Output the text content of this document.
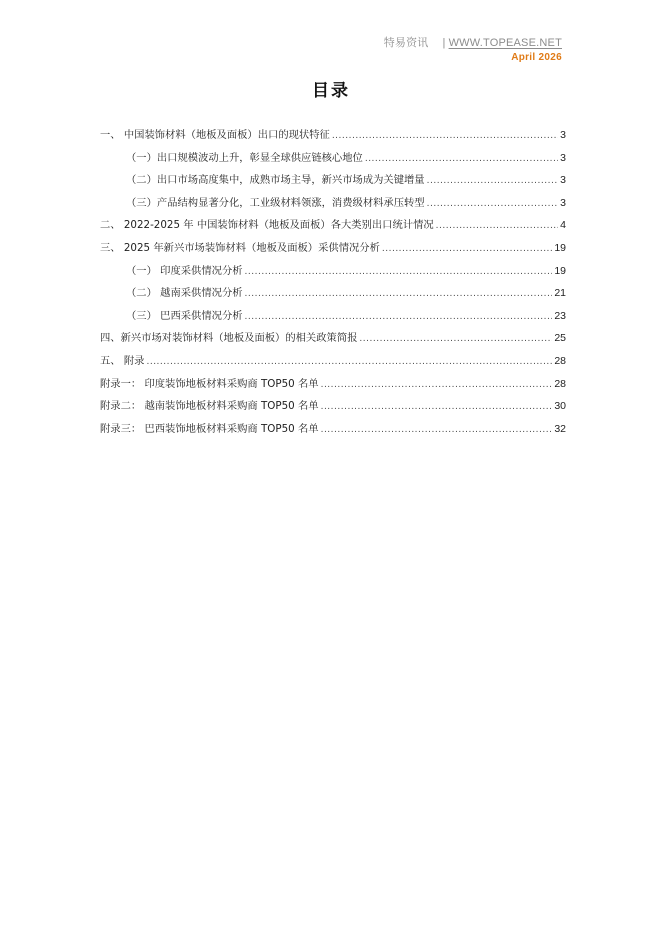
特易资讯 | WWW.TOPEASE.NET
April 2026
目录
一、 中国装饰材料（地板及面板）出口的现状特征 .....	3
（一）出口规模波动上升，彰显全球供应链核心地位 .....	3
（二）出口市场高度集中，成熟市场主导，新兴市场成为关键增量 .....	3
（三）产品结构显著分化，工业级材料领涨，消费级材料承压转型 .....	3
二、 2022-2025 年 中国装饰材料（地板及面板）各大类别出口统计情况 .....	4
三、 2025 年新兴市场装饰材料（地板及面板）采供情况分析 .....	19
（一） 印度采供情况分析 .....	19
（二） 越南采供情况分析 .....	21
（三） 巴西采供情况分析 .....	23
四、新兴市场对装饰材料（地板及面板）的相关政策简报 .....	25
五、 附录 .....	28
附录一： 印度装饰地板材料采购商 TOP50 名单 .....	28
附录二： 越南装饰地板材料采购商 TOP50 名单 .....	30
附录三： 巴西装饰地板材料采购商 TOP50 名单 .....	32
